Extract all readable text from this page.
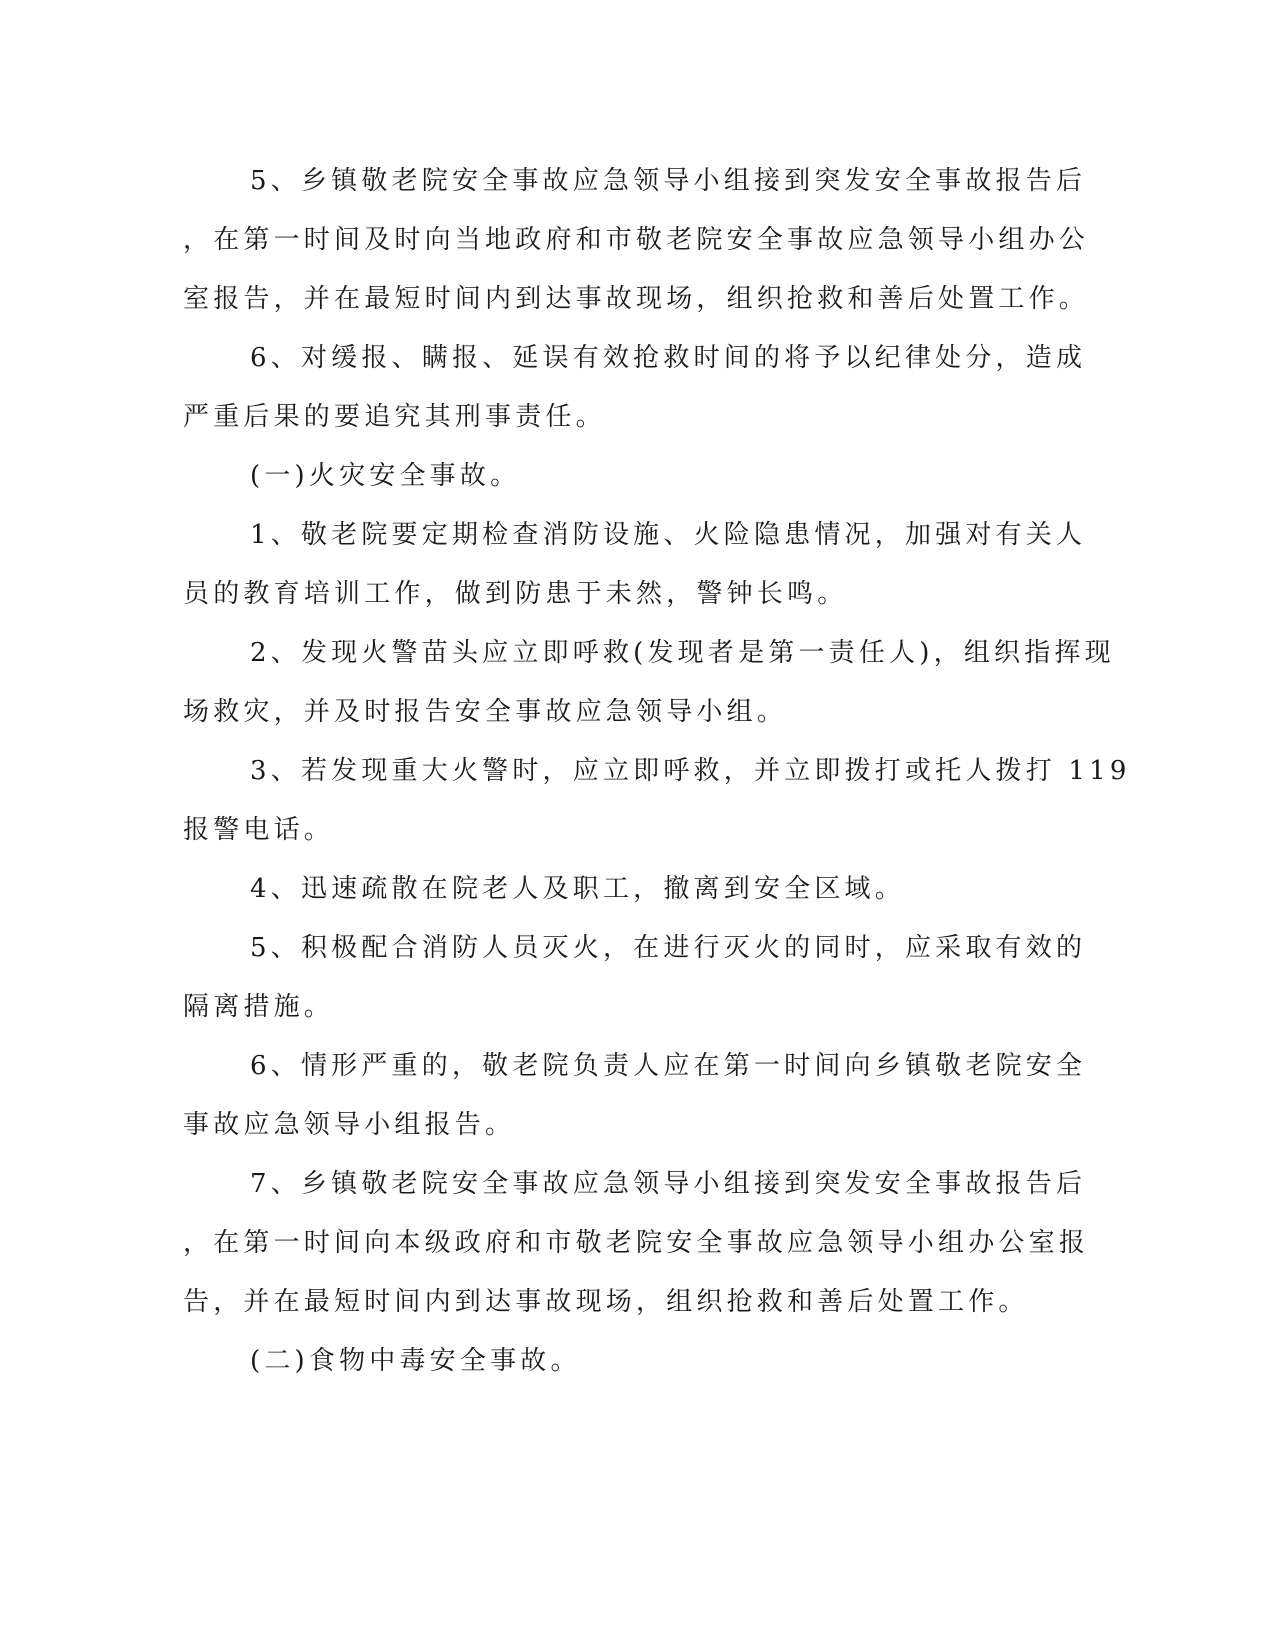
5、乡镇敬老院安全事故应急领导小组接到突发安全事故报告后
，在第一时间及时向当地政府和市敬老院安全事故应急领导小组办公
室报告，并在最短时间内到达事故现场，组织抢救和善后处置工作。
6、对缓报、瞒报、延误有效抢救时间的将予以纪律处分，造成
严重后果的要追究其刑事责任。
(一)火灾安全事故。
1、敬老院要定期检查消防设施、火险隐患情况，加强对有关人
员的教育培训工作，做到防患于未然，警钟长鸣。
2、发现火警苗头应立即呼救(发现者是第一责任人)，组织指挥现
场救灾，并及时报告安全事故应急领导小组。
3、若发现重大火警时，应立即呼救，并立即拨打或托人拨打 119
报警电话。
4、迅速疏散在院老人及职工，撤离到安全区域。
5、积极配合消防人员灭火，在进行灭火的同时，应采取有效的
隔离措施。
6、情形严重的，敬老院负责人应在第一时间向乡镇敬老院安全
事故应急领导小组报告。
7、乡镇敬老院安全事故应急领导小组接到突发安全事故报告后
，在第一时间向本级政府和市敬老院安全事故应急领导小组办公室报
告，并在最短时间内到达事故现场，组织抢救和善后处置工作。
(二)食物中毒安全事故。
